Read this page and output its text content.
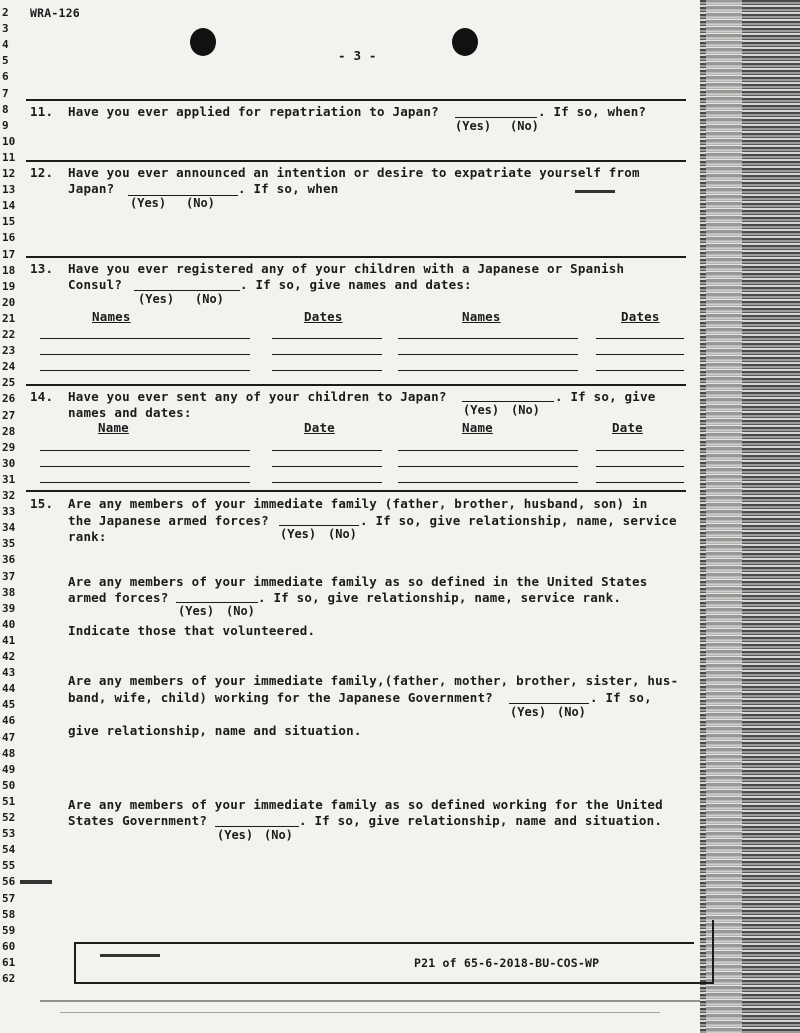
2
3
4
5
6
7
8
9
10
11
12
13
14
15
16
17
18
19
20
21
22
23
24
25
26
27
28
29
30
31
32
33
34
35
36
37
38
39
40
41
42
43
44
45
46
47
48
49
50
51
52
53
54
55
56
57
58
59
60
61
62
WRA-126
- 3 -
11. Have you ever applied for repatriation to Japan?	. If so, when?
(Yes) (No)
12. Have you ever announced an intention or desire to expatriate yourself from
Japan?	. If so, when
(Yes) (No)
13. Have you ever registered any of your children with a Japanese or Spanish
Consul?	. If so, give names and dates:
(Yes) (No)
Names	Dates	Names	Dates
14. Have you ever sent any of your children to Japan?	. If so, give
names and dates:	(Yes) (No)
Name	Date	Name	Date
15. Are any members of your immediate family (father, brother, husband, son) in
the Japanese armed forces?	. If so, give relationship, name, service
rank:	(Yes) (No)
Are any members of your immediate family as so defined in the United States
armed forces?	. If so, give relationship, name, service rank.
(Yes) (No)
Indicate those that volunteered.
Are any members of your immediate family,(father, mother, brother, sister, hus-
band, wife, child) working for the Japanese Government?	. If so,
(Yes) (No)
give relationship, name and situation.
Are any members of your immediate family as so defined working for the United
States Government?	. If so, give relationship, name and situation.
(Yes) (No)
P21 of 65-6-2018-BU-COS-WP
